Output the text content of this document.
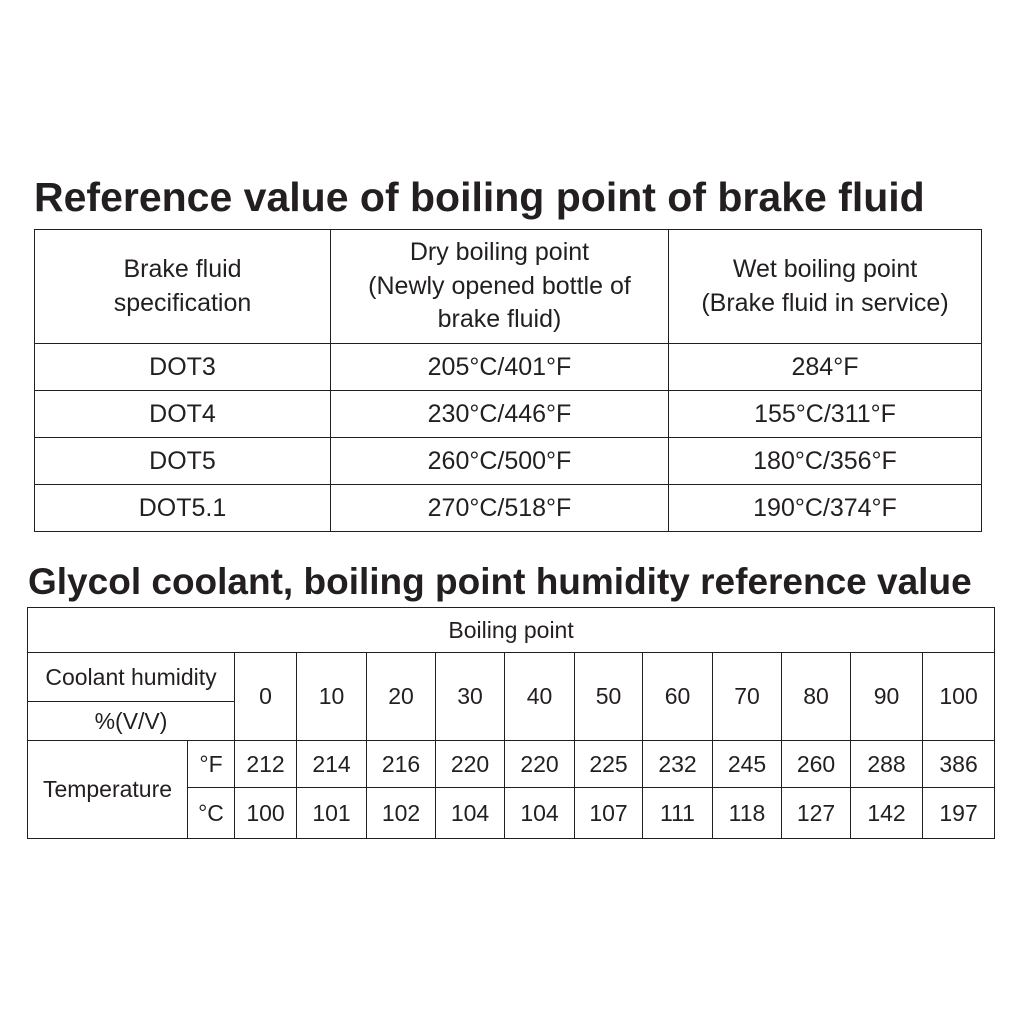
Reference value of boiling point of brake fluid
Brake fluid
specification	Dry boiling point
(Newly opened bottle of
brake fluid)	Wet boiling point
(Brake fluid in service)

DOT3	205°C/401°F	284°F
DOT4	230°C/446°F	155°C/311°F
DOT5	260°C/500°F	180°C/356°F
DOT5.1	270°C/518°F	190°C/374°F
Glycol coolant, boiling point humidity reference value
Boiling point												
Coolant humidity		0	10	20	30	40	50	60	70	80	90	100
%(V/V)												
Temperature	°F	212	214	216	220	220	225	232	245	260	288	386
	°C	100	101	102	104	104	107	111	118	127	142	197
